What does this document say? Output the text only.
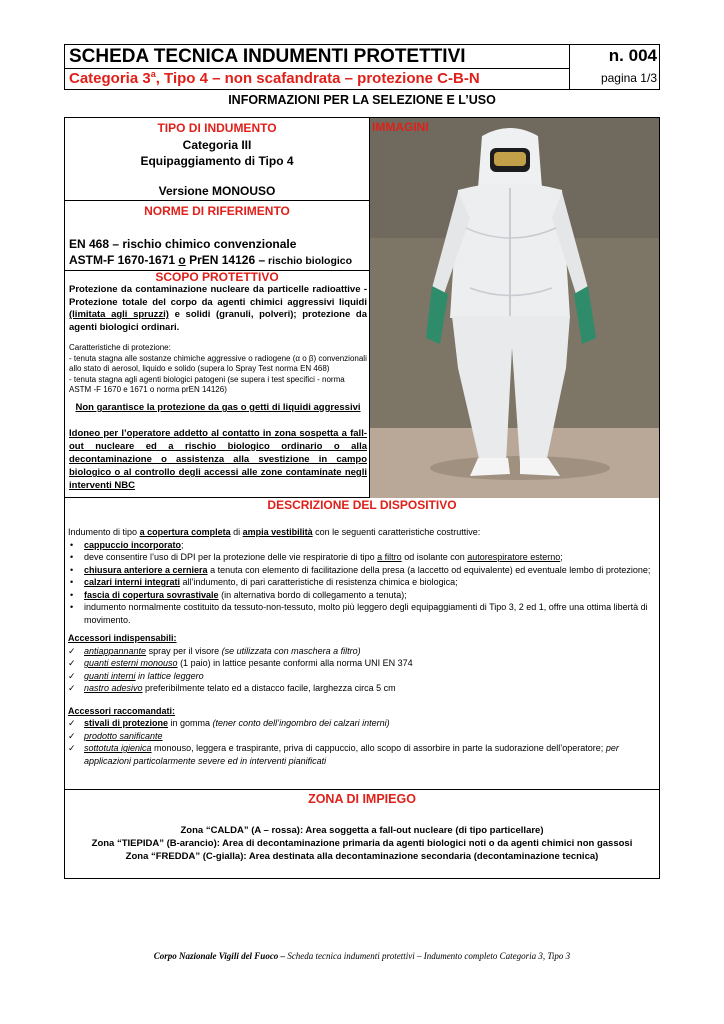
SCHEDA TECNICA INDUMENTI PROTETTIVI
Categoria 3$^a$, Tipo 4 – non scafandrata – protezione C-B-N
n. 004
pagina 1/3
INFORMAZIONI PER LA SELEZIONE E L’USO
IMMAGINI
TIPO DI INDUMENTO
Categoria III
Equipaggiamento di Tipo 4
Versione MONOUSO
NORME DI RIFERIMENTO
EN 468 – rischio chimico convenzionale
ASTM-F 1670-1671 o PrEN 14126 – rischio biologico
SCOPO PROTETTIVO
Protezione da contaminazione nucleare da particelle radioattive - Protezione totale del corpo da agenti chimici aggressivi liquidi (limitata agli spruzzi) e solidi (granuli, polveri); protezione da agenti biologici ordinari.
Caratteristiche di protezione:
- tenuta stagna alle sostanze chimiche aggressive o radiogene (α o β) convenzionali allo stato di aerosol, liquido e solido (supera lo Spray Test norma EN 468)
- tenuta stagna agli agenti biologici patogeni (se supera i test specifici - norma ASTM -F 1670 e 1671 o norma prEN 14126)
Non garantisce la protezione da gas o getti di liquidi aggressivi
Idoneo per l’operatore addetto al contatto in zona sospetta a fall-out nucleare ed a rischio biologico ordinario o alla decontaminazione o assistenza alla svestizione in campo biologico o al controllo degli accessi alle zone contaminate negli interventi NBC
DESCRIZIONE DEL DISPOSITIVO
Indumento di tipo a copertura completa di ampia vestibilità con le seguenti caratteristiche costruttive:
• cappuccio incorporato;
• deve consentire l’uso di DPI per la protezione delle vie respiratorie di tipo a filtro od isolante con autorespiratore esterno;
• chiusura anteriore a cerniera a tenuta con elemento di facilitazione della presa (a laccetto od equivalente) ed eventuale lembo di protezione;
• calzari interni integrati all’indumento, di pari caratteristiche di resistenza chimica e biologica;
• fascia di copertura sovrastivale (in alternativa bordo di collegamento a tenuta);
• indumento normalmente costituito da tessuto-non-tessuto, molto più leggero degli equipaggiamenti di Tipo 3, 2 ed 1, offre una ottima libertà di movimento.
Accessori indispensabili:
✓ antiappannante spray per il visore (se utilizzata con maschera a filtro)
✓ guanti esterni monouso (1 paio) in lattice pesante conformi alla norma UNI EN 374
✓ guanti interni in lattice leggero
✓ nastro adesivo preferibilmente telato ed a distacco facile, larghezza circa 5 cm
Accessori raccomandati:
✓ stivali di protezione in gomma (tener conto dell’ingombro dei calzari interni)
✓ prodotto sanificante
✓ sottotuta igienica monouso, leggera e traspirante, priva di cappuccio, allo scopo di assorbire in parte la sudorazione dell’operatore; per applicazioni particolarmente severe ed in interventi pianificati
ZONA DI IMPIEGO
Zona “CALDA” (A – rossa): Area soggetta a fall-out nucleare (di tipo particellare)
Zona “TIEPIDA” (B-arancio): Area di decontaminazione primaria da agenti biologici noti o da agenti chimici non gassosi
Zona “FREDDA” (C-gialla): Area destinata alla decontaminazione secondaria (decontaminazione tecnica)
Corpo Nazionale Vigili del Fuoco – Scheda tecnica indumenti protettivi – Indumento completo Categoria 3, Tipo 3
